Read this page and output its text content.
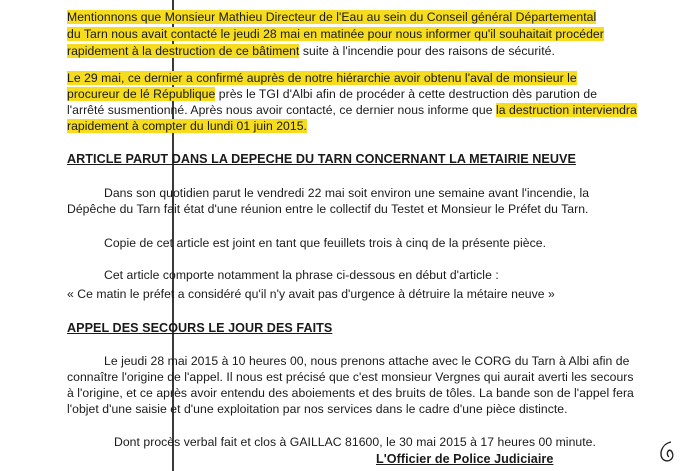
Mentionnons que Monsieur Mathieu Directeur de l'Eau au sein du Conseil général Départemental
du Tarn nous avait contacté le jeudi 28 mai en matinée pour nous informer qu'il souhaitait procéder
rapidement à la destruction de ce bâtiment suite à l'incendie pour des raisons de sécurité.
Le 29 mai, ce dernier a confirmé auprès de notre hiérarchie avoir obtenu l'aval de monsieur le
procureur de lé République près le TGI d'Albi afin de procéder à cette destruction dès parution de
l'arrêté susmentionné. Après nous avoir contacté, ce dernier nous informe que la destruction interviendra
rapidement à compter du lundi 01 juin 2015.
ARTICLE PARUT DANS LA DEPECHE DU TARN CONCERNANT LA METAIRIE NEUVE
Dans son quotidien parut le vendredi 22 mai soit environ une semaine avant l'incendie, la
Dépêche du Tarn fait état d'une réunion entre le collectif du Testet et Monsieur le Préfet du Tarn.
Copie de cet article est joint en tant que feuillets trois à cinq de la présente pièce.
Cet article comporte notamment la phrase ci-dessous en début d'article :
« Ce matin le préfet a considéré qu'il n'y avait pas d'urgence à détruire la métaire neuve »
APPEL DES SECOURS LE JOUR DES FAITS
Le jeudi 28 mai 2015 à 10 heures 00, nous prenons attache avec le CORG du Tarn à Albi afin de
connaître l'origine de l'appel. Il nous est précisé que c'est monsieur Vergnes qui aurait averti les secours
à l'origine, et ce après avoir entendu des aboiements et des bruits de tôles. La bande son de l'appel fera
l'objet d'une saisie et d'une exploitation par nos services dans le cadre d'une pièce distincte.
Dont procès verbal fait et clos à GAILLAC 81600, le 30 mai 2015 à 17 heures 00 minute.
L'Officier de Police Judiciaire
